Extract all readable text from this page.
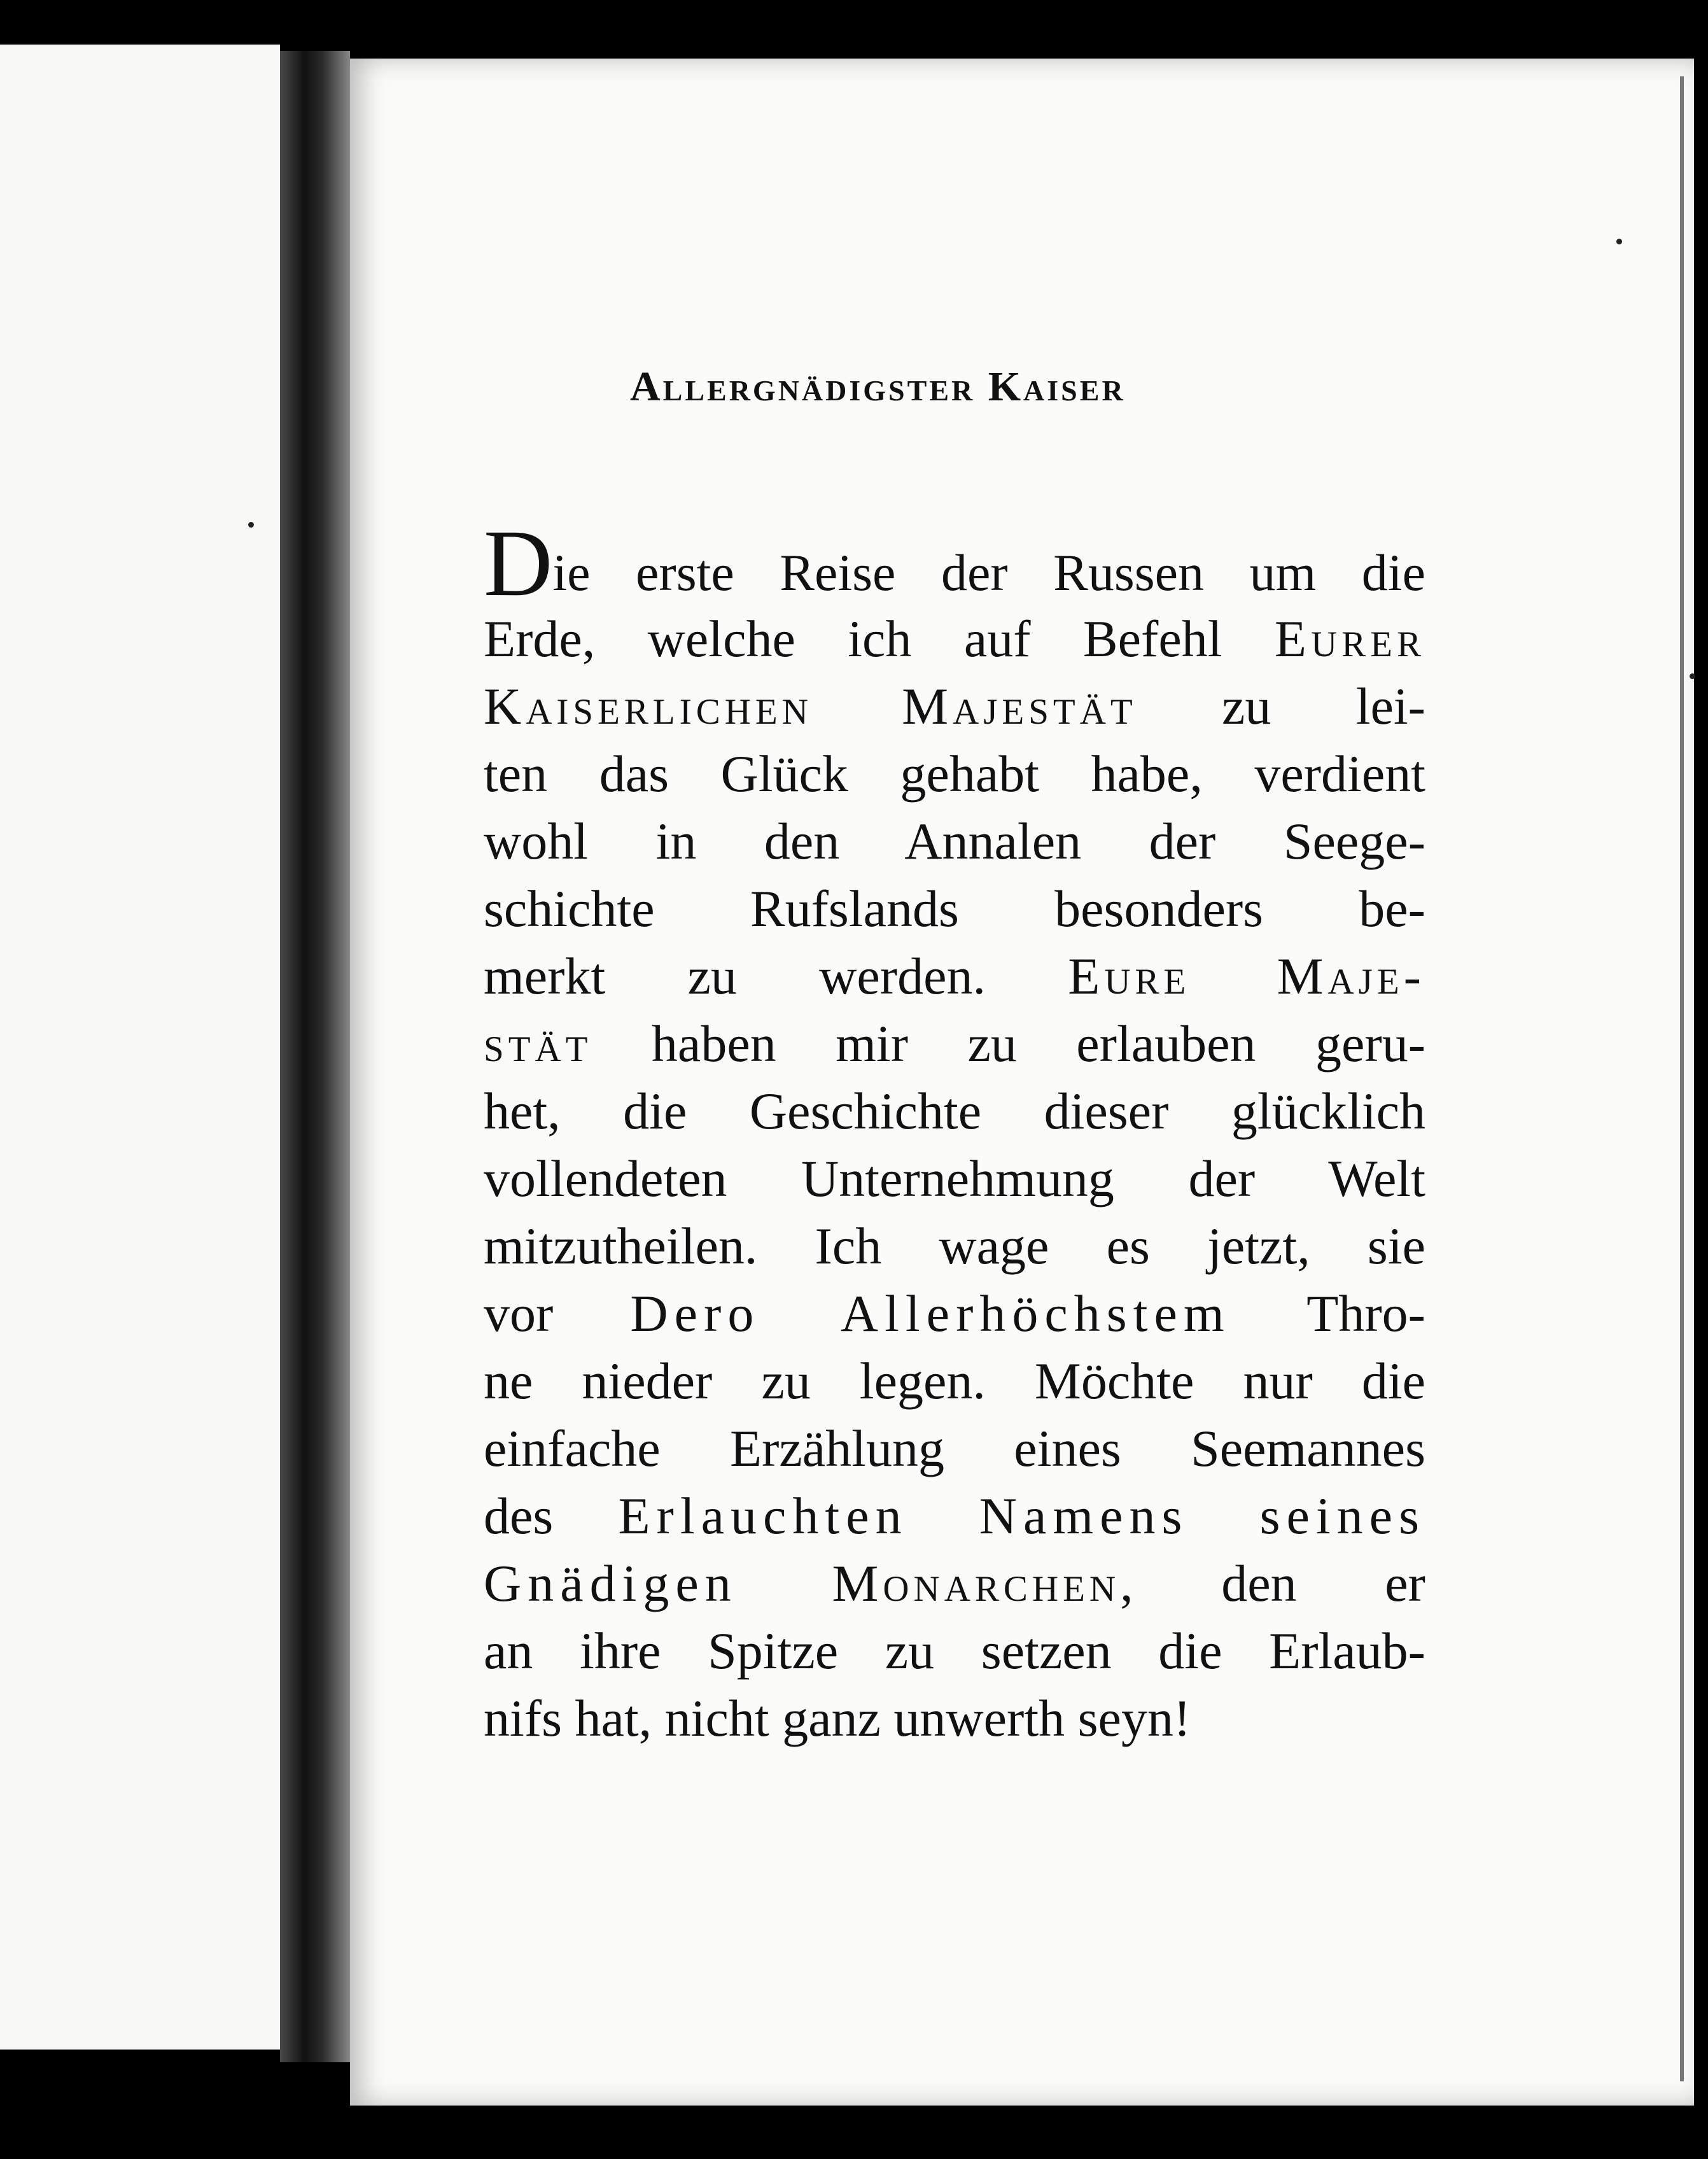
Allergnädigster Kaiser
Die erste Reise der Russen um die
Erde, welche ich auf Befehl Eurer
Kaiserlichen Majestät zu lei-
ten das Glück gehabt habe, verdient
wohl in den Annalen der Seege-
schichte Rufslands besonders be-
merkt zu werden. Eure Maje-
stät haben mir zu erlauben geru-
het, die Geschichte dieser glücklich
vollendeten Unternehmung der Welt
mitzutheilen. Ich wage es jetzt, sie
vor Dero Allerhöchstem Thro-
ne nieder zu legen. Möchte nur die
einfache Erzählung eines Seemannes
des Erlauchten Namens seines
Gnädigen Monarchen, den er
an ihre Spitze zu setzen die Erlaub-
nifs hat, nicht ganz unwerth seyn!
